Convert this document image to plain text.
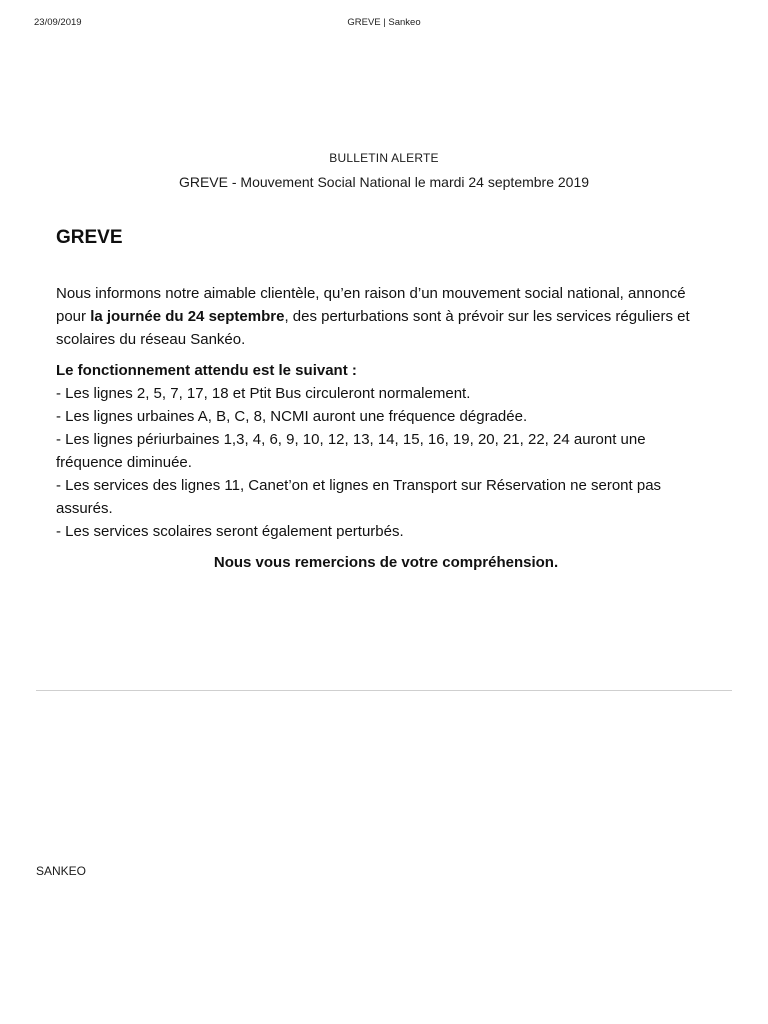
23/09/2019	GREVE | Sankeo
BULLETIN ALERTE
GREVE - Mouvement Social National le mardi 24 septembre 2019
GREVE

Nous informons notre aimable clientèle, qu’en raison d’un mouvement social national, annoncé pour la journée du 24 septembre, des perturbations sont à prévoir sur les services réguliers et scolaires du réseau Sankéo.

Le fonctionnement attendu est le suivant :
- Les lignes 2, 5, 7, 17, 18 et Ptit Bus circuleront normalement.
- Les lignes urbaines A, B, C, 8, NCMI auront une fréquence dégradée.
- Les lignes périurbaines 1,3, 4, 6, 9, 10, 12, 13, 14, 15, 16, 19, 20, 21, 22, 24 auront une fréquence diminuée.
- Les services des lignes 11, Canet’on et lignes en Transport sur Réservation ne seront pas assurés.
- Les services scolaires seront également perturbés.

Nous vous remercions de votre compréhension.

SANKEO
